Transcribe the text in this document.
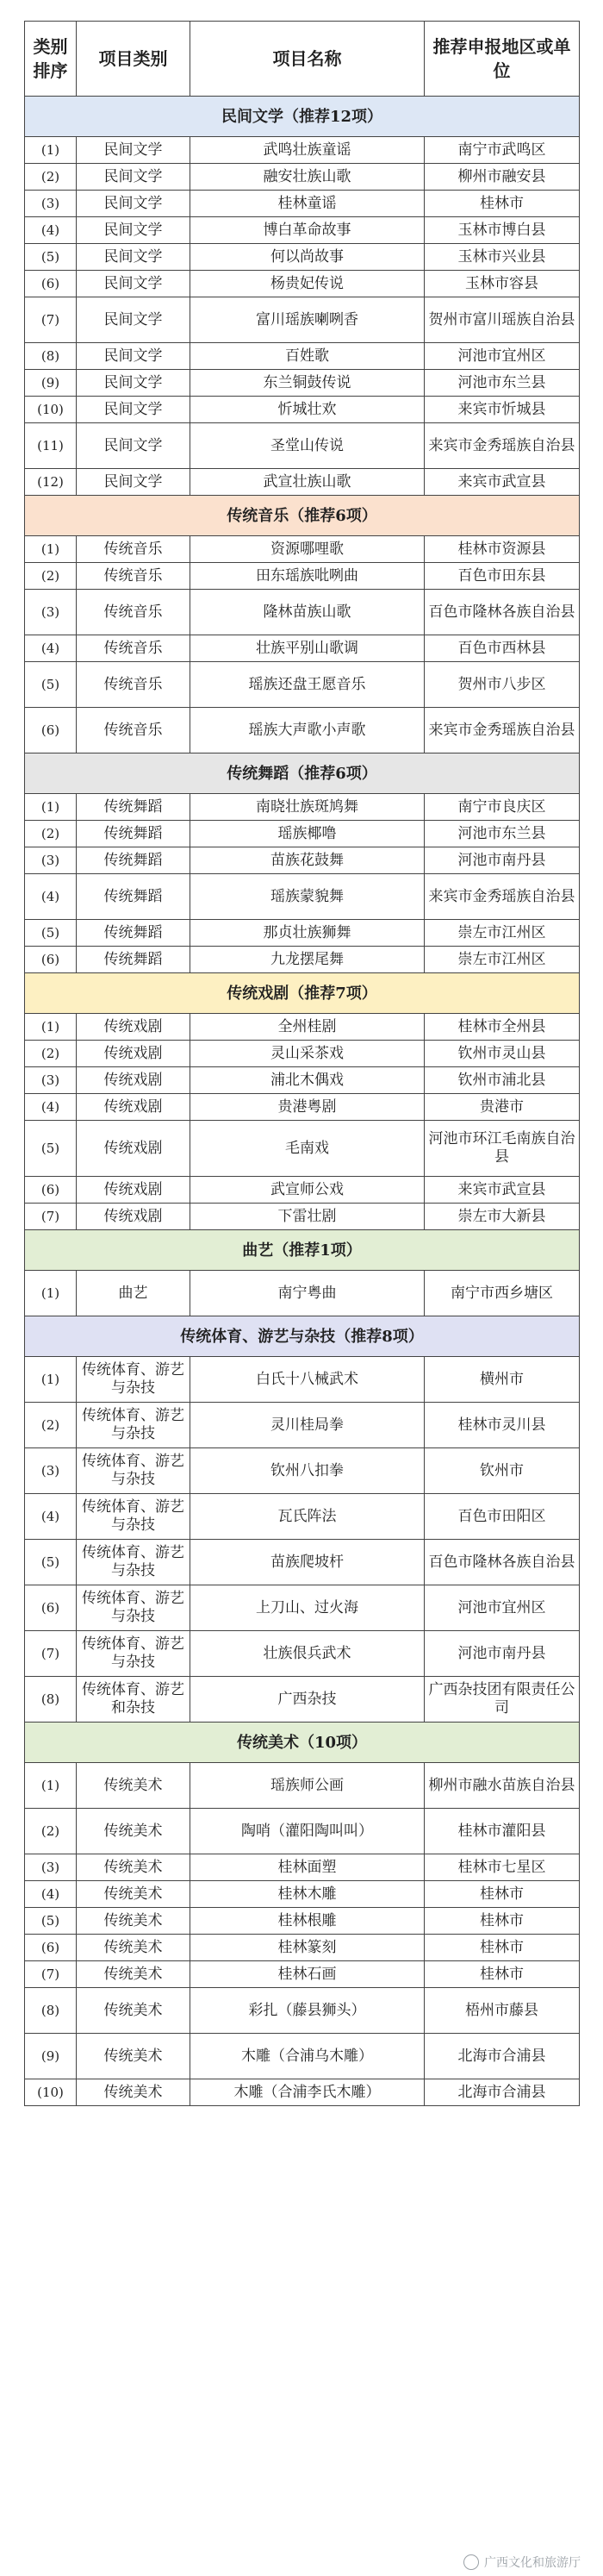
类别排序	项目类别	项目名称	推荐申报地区或单位
民间文学（推荐12项）			
(1)	民间文学	武鸣壮族童谣	南宁市武鸣区
(2)	民间文学	融安壮族山歌	柳州市融安县
(3)	民间文学	桂林童谣	桂林市
(4)	民间文学	博白革命故事	玉林市博白县
(5)	民间文学	何以尚故事	玉林市兴业县
(6)	民间文学	杨贵妃传说	玉林市容县
(7)	民间文学	富川瑶族喇咧香	贺州市富川瑶族自治县
(8)	民间文学	百姓歌	河池市宜州区
(9)	民间文学	东兰铜鼓传说	河池市东兰县
(10)	民间文学	忻城壮欢	来宾市忻城县
(11)	民间文学	圣堂山传说	来宾市金秀瑶族自治县
(12)	民间文学	武宣壮族山歌	来宾市武宣县
传统音乐（推荐6项）			
(1)	传统音乐	资源哪哩歌	桂林市资源县
(2)	传统音乐	田东瑶族吡咧曲	百色市田东县
(3)	传统音乐	隆林苗族山歌	百色市隆林各族自治县
(4)	传统音乐	壮族平别山歌调	百色市西林县
(5)	传统音乐	瑶族还盘王愿音乐	贺州市八步区
(6)	传统音乐	瑶族大声歌小声歌	来宾市金秀瑶族自治县
传统舞蹈（推荐6项）			
(1)	传统舞蹈	南晓壮族斑鸠舞	南宁市良庆区
(2)	传统舞蹈	瑶族椰噜	河池市东兰县
(3)	传统舞蹈	苗族花鼓舞	河池市南丹县
(4)	传统舞蹈	瑶族蒙貌舞	来宾市金秀瑶族自治县
(5)	传统舞蹈	那贞壮族狮舞	崇左市江州区
(6)	传统舞蹈	九龙摆尾舞	崇左市江州区
传统戏剧（推荐7项）			
(1)	传统戏剧	全州桂剧	桂林市全州县
(2)	传统戏剧	灵山采茶戏	钦州市灵山县
(3)	传统戏剧	浦北木偶戏	钦州市浦北县
(4)	传统戏剧	贵港粤剧	贵港市
(5)	传统戏剧	毛南戏	河池市环江毛南族自治县
(6)	传统戏剧	武宣师公戏	来宾市武宣县
(7)	传统戏剧	下雷壮剧	崇左市大新县
曲艺（推荐1项）			
(1)	曲艺	南宁粤曲	南宁市西乡塘区
传统体育、游艺与杂技（推荐8项）			
(1)	传统体育、游艺与杂技	白氏十八械武术	横州市
(2)	传统体育、游艺与杂技	灵川桂局拳	桂林市灵川县
(3)	传统体育、游艺与杂技	钦州八扣拳	钦州市
(4)	传统体育、游艺与杂技	瓦氏阵法	百色市田阳区
(5)	传统体育、游艺与杂技	苗族爬坡杆	百色市隆林各族自治县
(6)	传统体育、游艺与杂技	上刀山、过火海	河池市宜州区
(7)	传统体育、游艺与杂技	壮族佷兵武术	河池市南丹县
(8)	传统体育、游艺和杂技	广西杂技	广西杂技团有限责任公司
传统美术（10项）			
(1)	传统美术	瑶族师公画	柳州市融水苗族自治县
(2)	传统美术	陶哨（灌阳陶叫叫）	桂林市灌阳县
(3)	传统美术	桂林面塑	桂林市七星区
(4)	传统美术	桂林木雕	桂林市
(5)	传统美术	桂林根雕	桂林市
(6)	传统美术	桂林篆刻	桂林市
(7)	传统美术	桂林石画	桂林市
(8)	传统美术	彩扎（藤县狮头）	梧州市藤县
(9)	传统美术	木雕（合浦乌木雕）	北海市合浦县
(10)	传统美术	木雕（合浦李氏木雕）	北海市合浦县
广西文化和旅游厅
